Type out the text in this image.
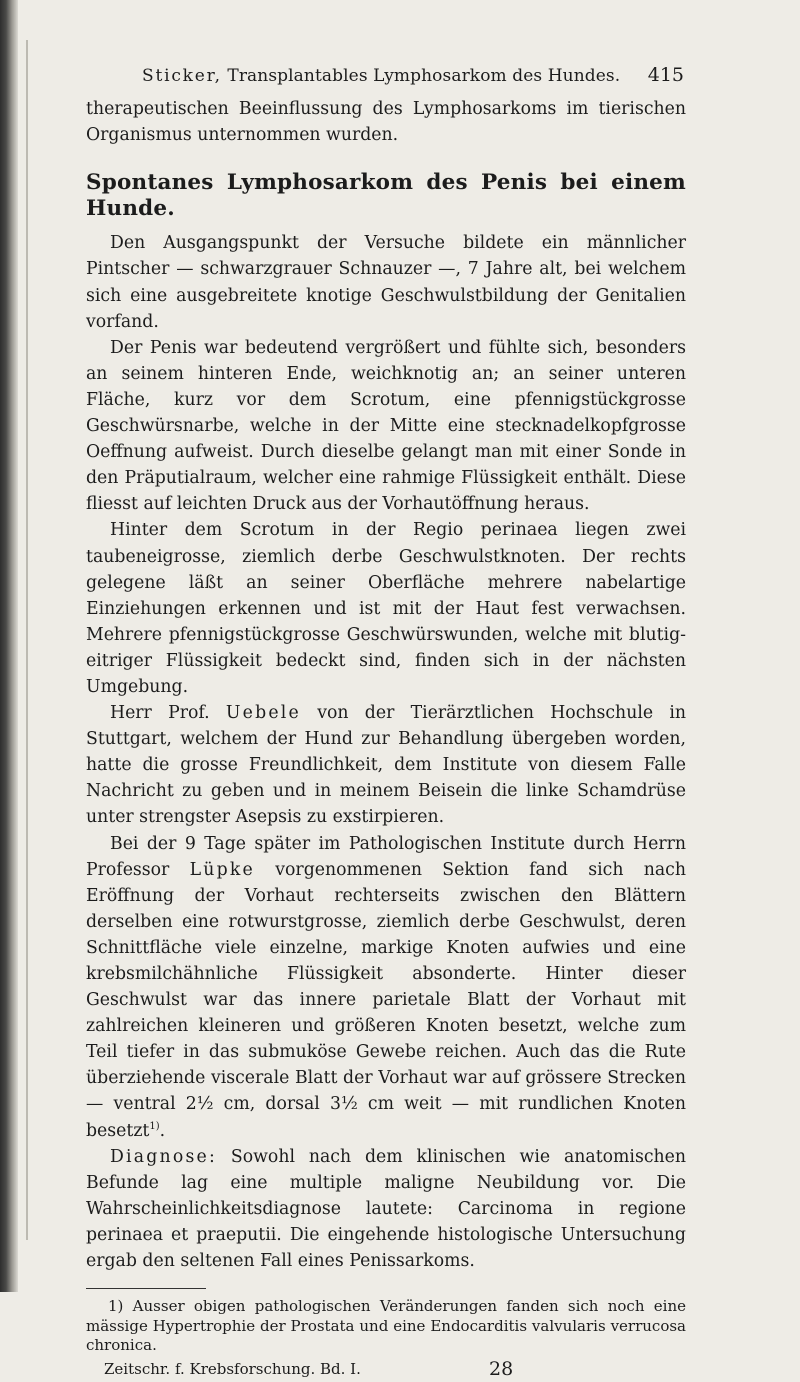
Sticker, Transplantables Lymphosarkom des Hundes. 415

therapeutischen Beeinflussung des Lymphosarkoms im tierischen Organismus unternommen wurden.

Spontanes Lymphosarkom des Penis bei einem Hunde.

Den Ausgangspunkt der Versuche bildete ein männlicher Pintscher — schwarzgrauer Schnauzer —, 7 Jahre alt, bei welchem sich eine ausgebreitete knotige Geschwulstbildung der Genitalien vorfand.

Der Penis war bedeutend vergrößert und fühlte sich, besonders an seinem hinteren Ende, weichknotig an; an seiner unteren Fläche, kurz vor dem Scrotum, eine pfennigstückgrosse Geschwürsnarbe, welche in der Mitte eine stecknadelkopfgrosse Oeffnung aufweist. Durch dieselbe gelangt man mit einer Sonde in den Präputialraum, welcher eine rahmige Flüssigkeit enthält. Diese fliesst auf leichten Druck aus der Vorhautöffnung heraus.

Hinter dem Scrotum in der Regio perinaea liegen zwei taubeneigrosse, ziemlich derbe Geschwulstknoten. Der rechts gelegene läßt an seiner Oberfläche mehrere nabelartige Einziehungen erkennen und ist mit der Haut fest verwachsen. Mehrere pfennigstückgrosse Geschwürswunden, welche mit blutig-eitriger Flüssigkeit bedeckt sind, finden sich in der nächsten Umgebung.

Herr Prof. Uebele von der Tierärztlichen Hochschule in Stuttgart, welchem der Hund zur Behandlung übergeben worden, hatte die grosse Freundlichkeit, dem Institute von diesem Falle Nachricht zu geben und in meinem Beisein die linke Schamdrüse unter strengster Asepsis zu exstirpieren.

Bei der 9 Tage später im Pathologischen Institute durch Herrn Professor Lüpke vorgenommenen Sektion fand sich nach Eröffnung der Vorhaut rechterseits zwischen den Blättern derselben eine rotwurstgrosse, ziemlich derbe Geschwulst, deren Schnittfläche viele einzelne, markige Knoten aufwies und eine krebsmilchähnliche Flüssigkeit absonderte. Hinter dieser Geschwulst war das innere parietale Blatt der Vorhaut mit zahlreichen kleineren und größeren Knoten besetzt, welche zum Teil tiefer in das submuköse Gewebe reichen. Auch das die Rute überziehende viscerale Blatt der Vorhaut war auf grössere Strecken — ventral 2½ cm, dorsal 3½ cm weit — mit rundlichen Knoten besetzt$^{1)}$.

Diagnose: Sowohl nach dem klinischen wie anatomischen Befunde lag eine multiple maligne Neubildung vor. Die Wahrscheinlichkeitsdiagnose lautete: Carcinoma in regione perinaea et praeputii. Die eingehende histologische Untersuchung ergab den seltenen Fall eines Penissarkoms.

1) Ausser obigen pathologischen Veränderungen fanden sich noch eine mässige Hypertrophie der Prostata und eine Endocarditis valvularis verrucosa chronica.

Zeitschr. f. Krebsforschung. Bd. I.	28
